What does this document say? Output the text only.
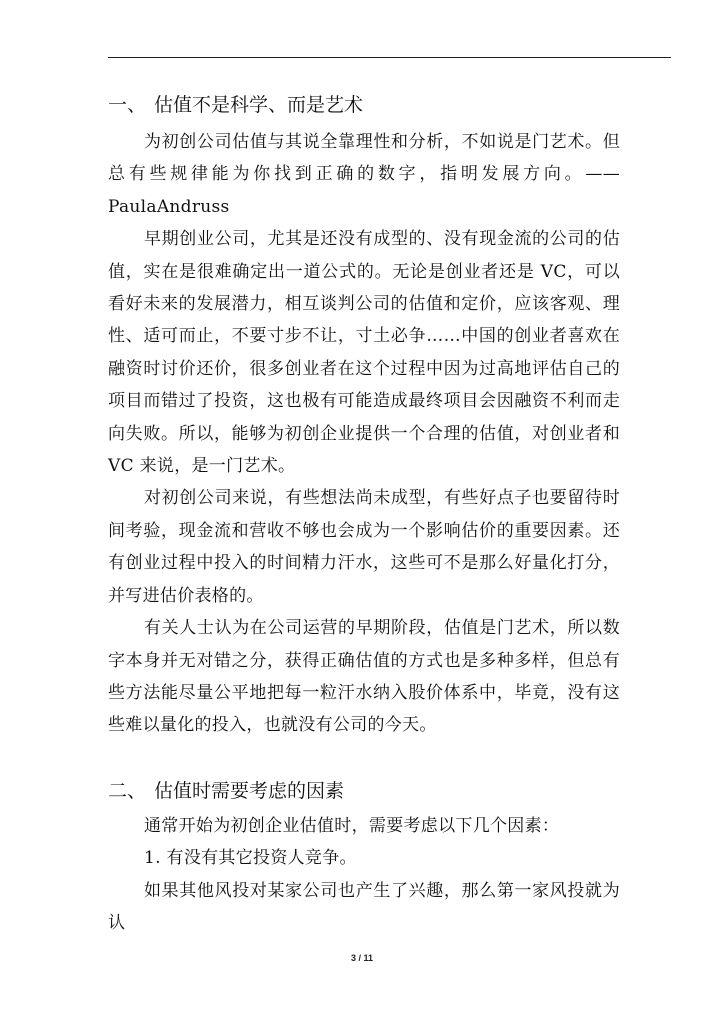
一、 估值不是科学、而是艺术

为初创公司估值与其说全靠理性和分析，不如说是门艺术。但总有些规律能为你找到正确的数字，指明发展方向。——PaulaAndruss

早期创业公司，尤其是还没有成型的、没有现金流的公司的估值，实在是很难确定出一道公式的。无论是创业者还是 VC，可以看好未来的发展潜力，相互谈判公司的估值和定价，应该客观、理性、适可而止，不要寸步不让，寸土必争……中国的创业者喜欢在融资时讨价还价，很多创业者在这个过程中因为过高地评估自己的项目而错过了投资，这也极有可能造成最终项目会因融资不利而走向失败。所以，能够为初创企业提供一个合理的估值，对创业者和 VC 来说，是一门艺术。

对初创公司来说，有些想法尚未成型，有些好点子也要留待时间考验，现金流和营收不够也会成为一个影响估价的重要因素。还有创业过程中投入的时间精力汗水，这些可不是那么好量化打分，并写进估价表格的。

有关人士认为在公司运营的早期阶段，估值是门艺术，所以数字本身并无对错之分，获得正确估值的方式也是多种多样，但总有些方法能尽量公平地把每一粒汗水纳入股价体系中，毕竟，没有这些难以量化的投入，也就没有公司的今天。

二、 估值时需要考虑的因素

通常开始为初创企业估值时，需要考虑以下几个因素：

1. 有没有其它投资人竞争。

如果其他风投对某家公司也产生了兴趣，那么第一家风投就为认

3 / 11
